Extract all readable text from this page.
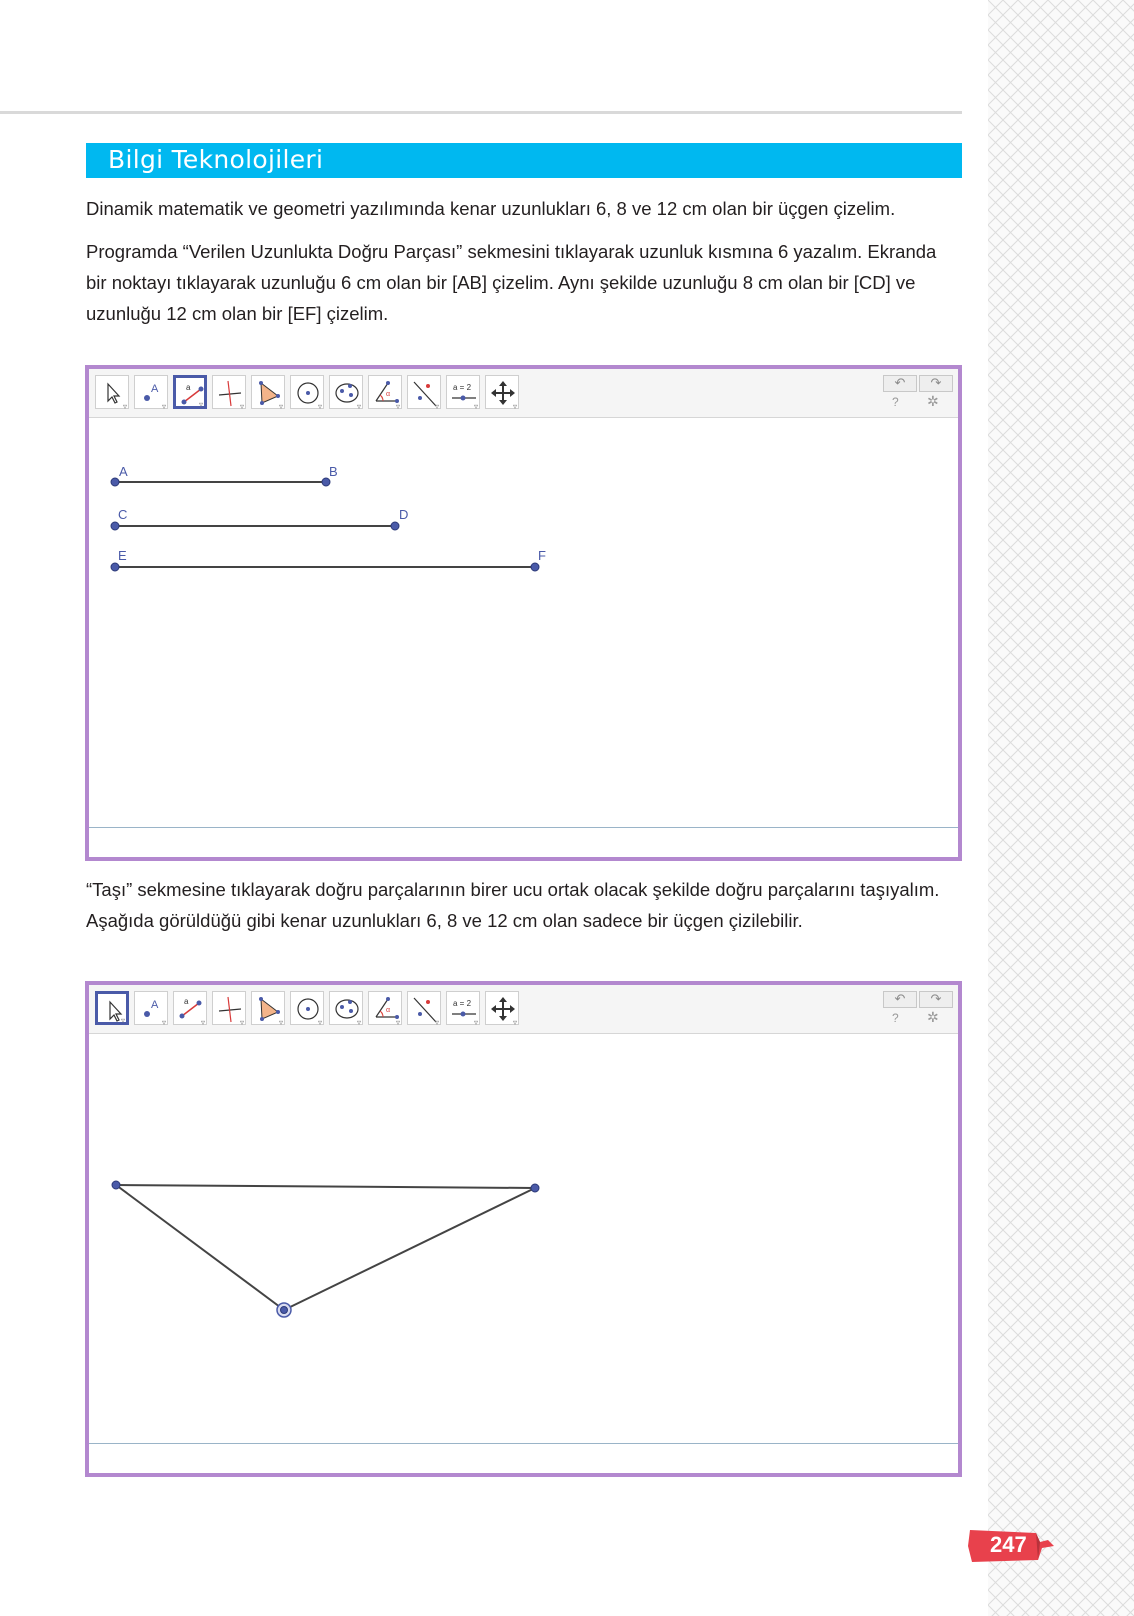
Bilgi Teknolojileri

Dinamik matematik ve geometri yazılımında kenar uzunlukları 6, 8 ve 12 cm olan bir üçgen çizelim.

Programda “Verilen Uzunlukta Doğru Parçası” sekmesini tıklayarak uzunluk kısmına 6 yazalım. Ekranda bir noktayı tıklayarak uzunluğu 6 cm olan bir [AB] çizelim. Aynı şekilde uzunluğu 8 cm olan bir [CD] ve uzunluğu 12 cm olan bir [EF] çizelim.

▿
A
▿
a
▿	▿	▿	▿	▿
α
▿	▿
a = 2
▿	▿
↶	↷
? ✲
A	B
C	D
E	F

“Taşı” sekmesine tıklayarak doğru parçalarının birer ucu ortak olacak şekilde doğru parçalarını taşıyalım. Aşağıda görüldüğü gibi kenar uzunlukları 6, 8 ve 12 cm olan sadece bir üçgen çizilebilir.

▿
A
▿
a
▿	▿	▿	▿	▿
α
▿	▿
a = 2
▿	▿
↶	↷
? ✲
247
